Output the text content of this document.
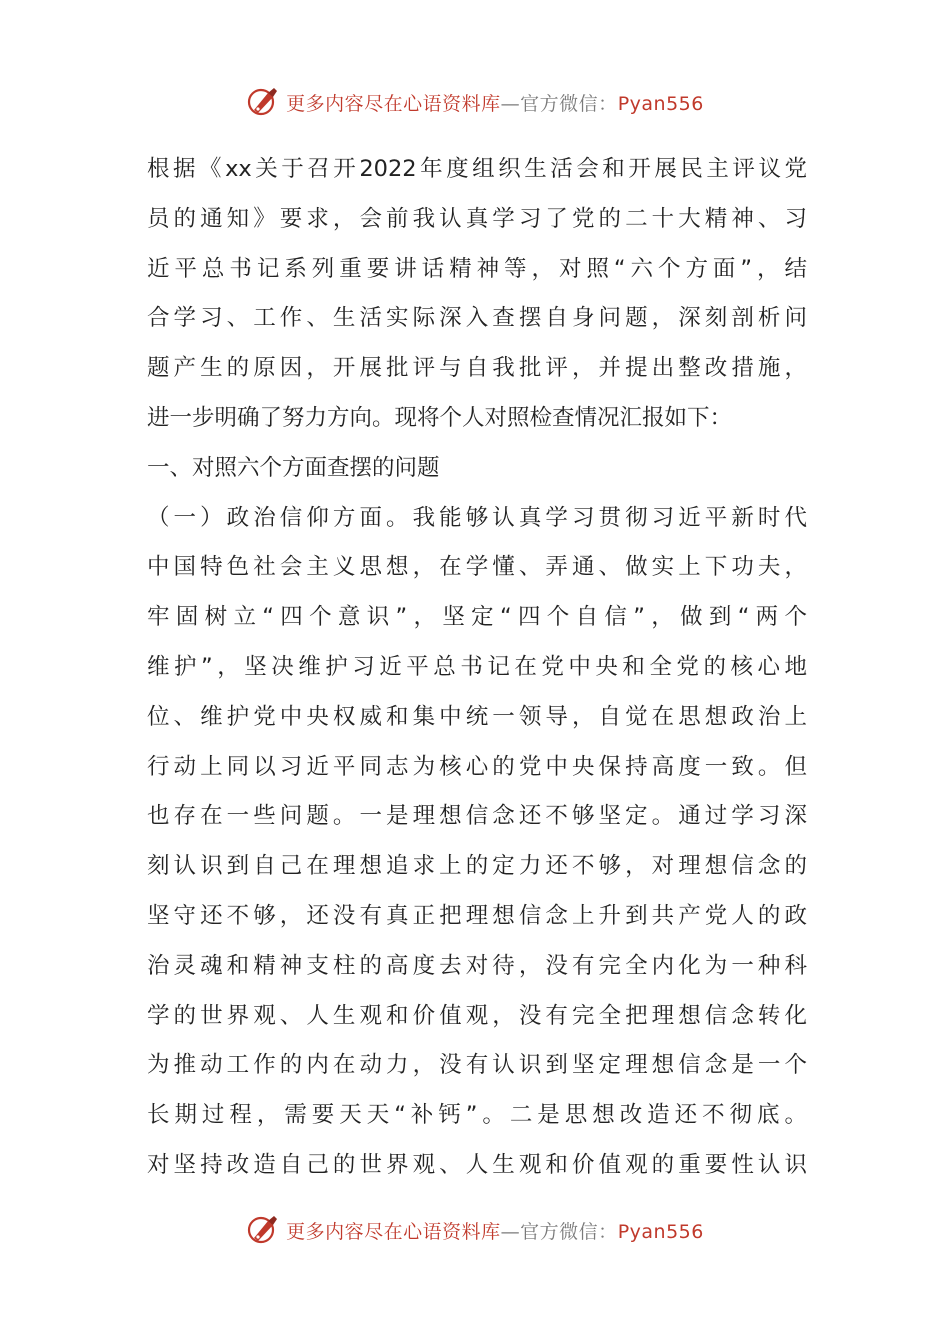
更多内容尽在心语资料库—官方微信：Pyan556
根据《xx关于召开2022年度组织生活会和开展民主评议党
员的通知》要求，会前我认真学习了党的二十大精神、习
近平总书记系列重要讲话精神等，对照“六个方面”，结
合学习、工作、生活实际深入查摆自身问题，深刻剖析问
题产生的原因，开展批评与自我批评，并提出整改措施，
进一步明确了努力方向。现将个人对照检查情况汇报如下：
一、对照六个方面查摆的问题
（一）政治信仰方面。我能够认真学习贯彻习近平新时代
中国特色社会主义思想，在学懂、弄通、做实上下功夫，
牢固树立“四个意识”，坚定“四个自信”，做到“两个
维护”，坚决维护习近平总书记在党中央和全党的核心地
位、维护党中央权威和集中统一领导，自觉在思想政治上
行动上同以习近平同志为核心的党中央保持高度一致。但
也存在一些问题。一是理想信念还不够坚定。通过学习深
刻认识到自己在理想追求上的定力还不够，对理想信念的
坚守还不够，还没有真正把理想信念上升到共产党人的政
治灵魂和精神支柱的高度去对待，没有完全内化为一种科
学的世界观、人生观和价值观，没有完全把理想信念转化
为推动工作的内在动力，没有认识到坚定理想信念是一个
长期过程，需要天天“补钙”。二是思想改造还不彻底。
对坚持改造自己的世界观、人生观和价值观的重要性认识
更多内容尽在心语资料库—官方微信：Pyan556
